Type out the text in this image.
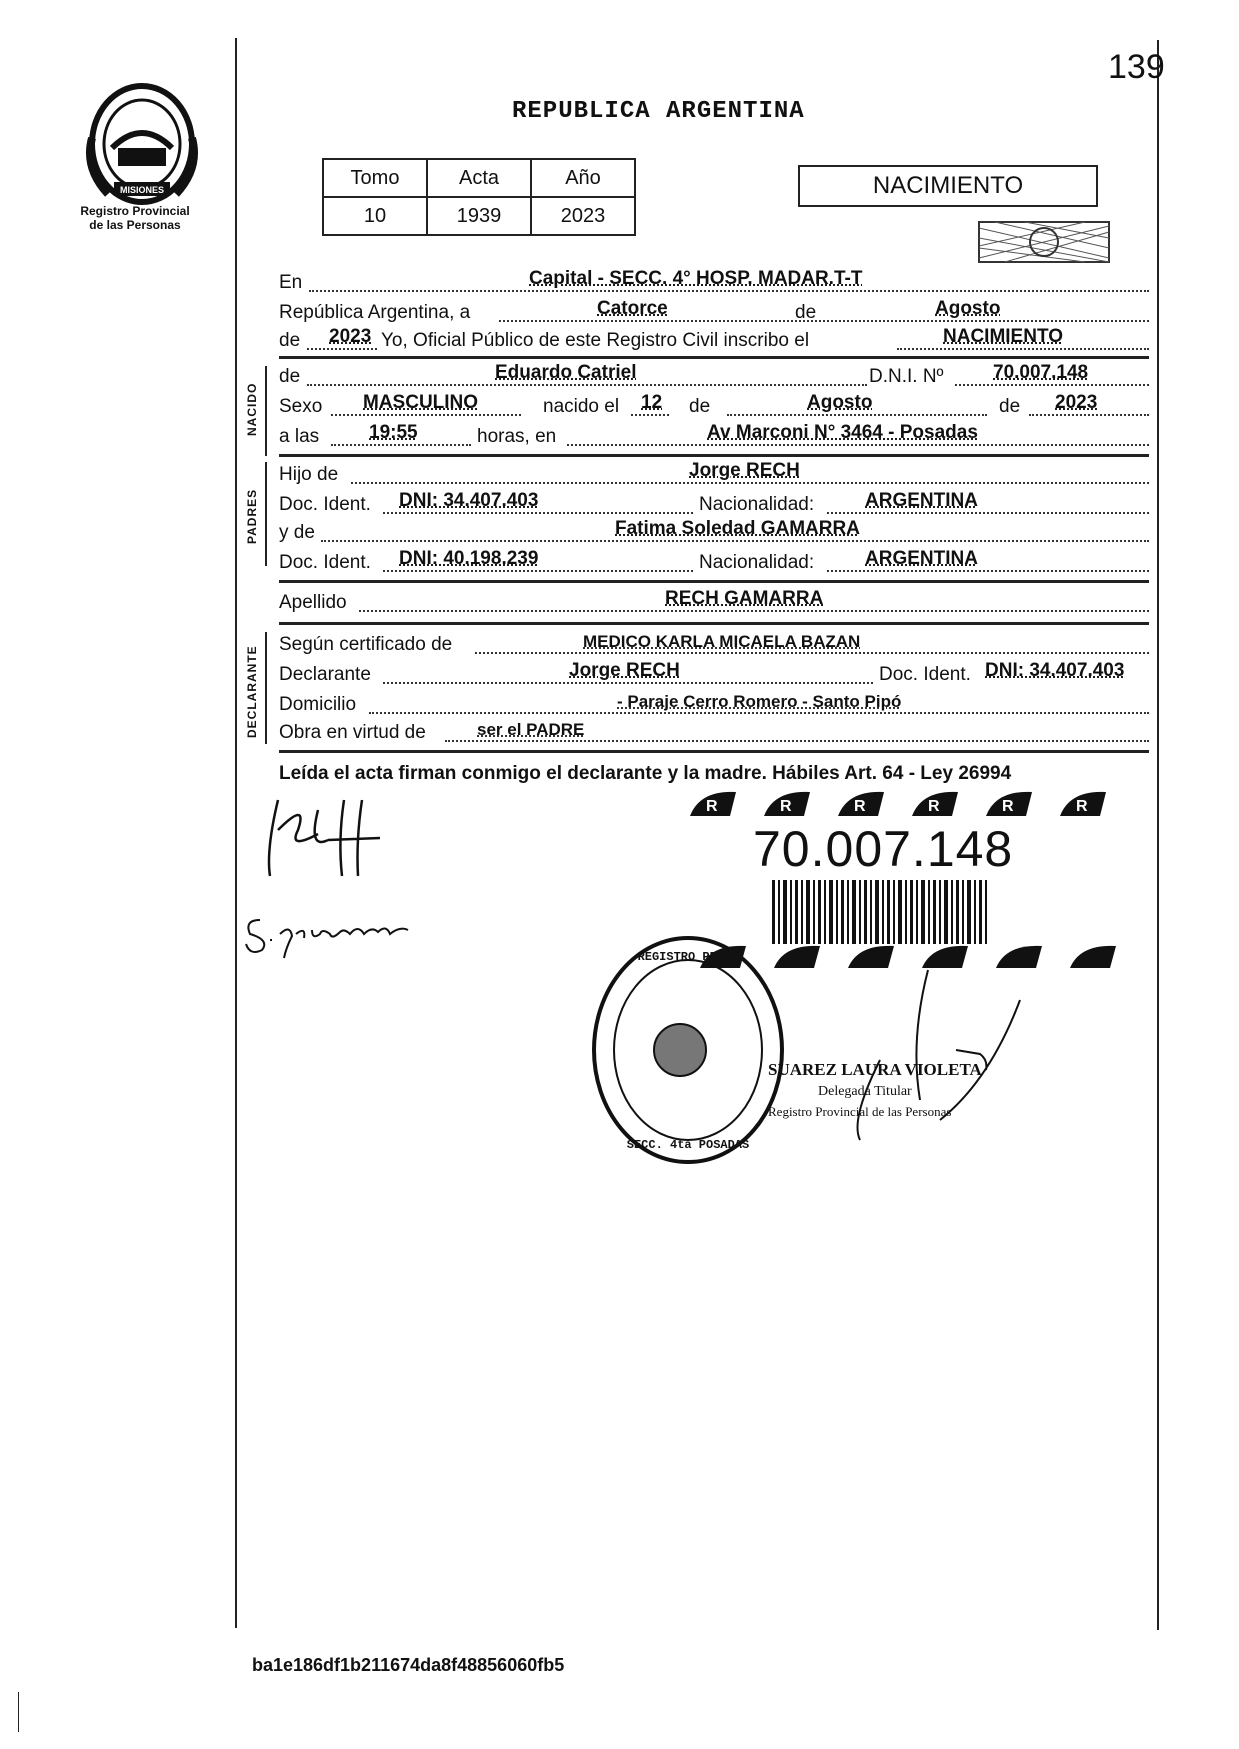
139
MISIONES
Registro Provincial
de las Personas
REPUBLICA ARGENTINA
Tomo	Acta	Año
10	1939	2023
NACIMIENTO
En	Capital - SECC. 4° HOSP. MADAR.T-T
República Argentina, a	Catorce	de	Agosto
de 2023 Yo, Oficial Público de este Registro Civil inscribo el	NACIMIENTO
NACIDO
de	Eduardo Catriel	D.N.I. Nº	70.007.148
Sexo MASCULINO	nacido el 12 de	Agosto	de 2023
a las	19:55	horas, en	Av Marconi N° 3464 - Posadas
PADRES
Hijo de	Jorge RECH
Doc. Ident. DNI: 34.407.403	Nacionalidad:	ARGENTINA
y de	Fatima Soledad GAMARRA
Doc. Ident. DNI: 40.198.239	Nacionalidad:	ARGENTINA
Apellido	RECH GAMARRA
DECLARANTE
Según certificado de	MEDICO KARLA MICAELA BAZAN
Declarante	Jorge RECH	Doc. Ident. DNI: 34.407.403
Domicilio	- Paraje Cerro Romero - Santo Pipó
Obra en virtud de	ser el PADRE
Leída el acta firman conmigo el declarante y la madre. Hábiles Art. 64 - Ley 26994
R	R	R	R	R	R
70.007.148
REGISTRO PROV.
SECC. 4ta POSADAS
SUAREZ LAURA VIOLETA
Delegada Titular
Registro Provincial de las Personas
ba1e186df1b211674da8f48856060fb5
